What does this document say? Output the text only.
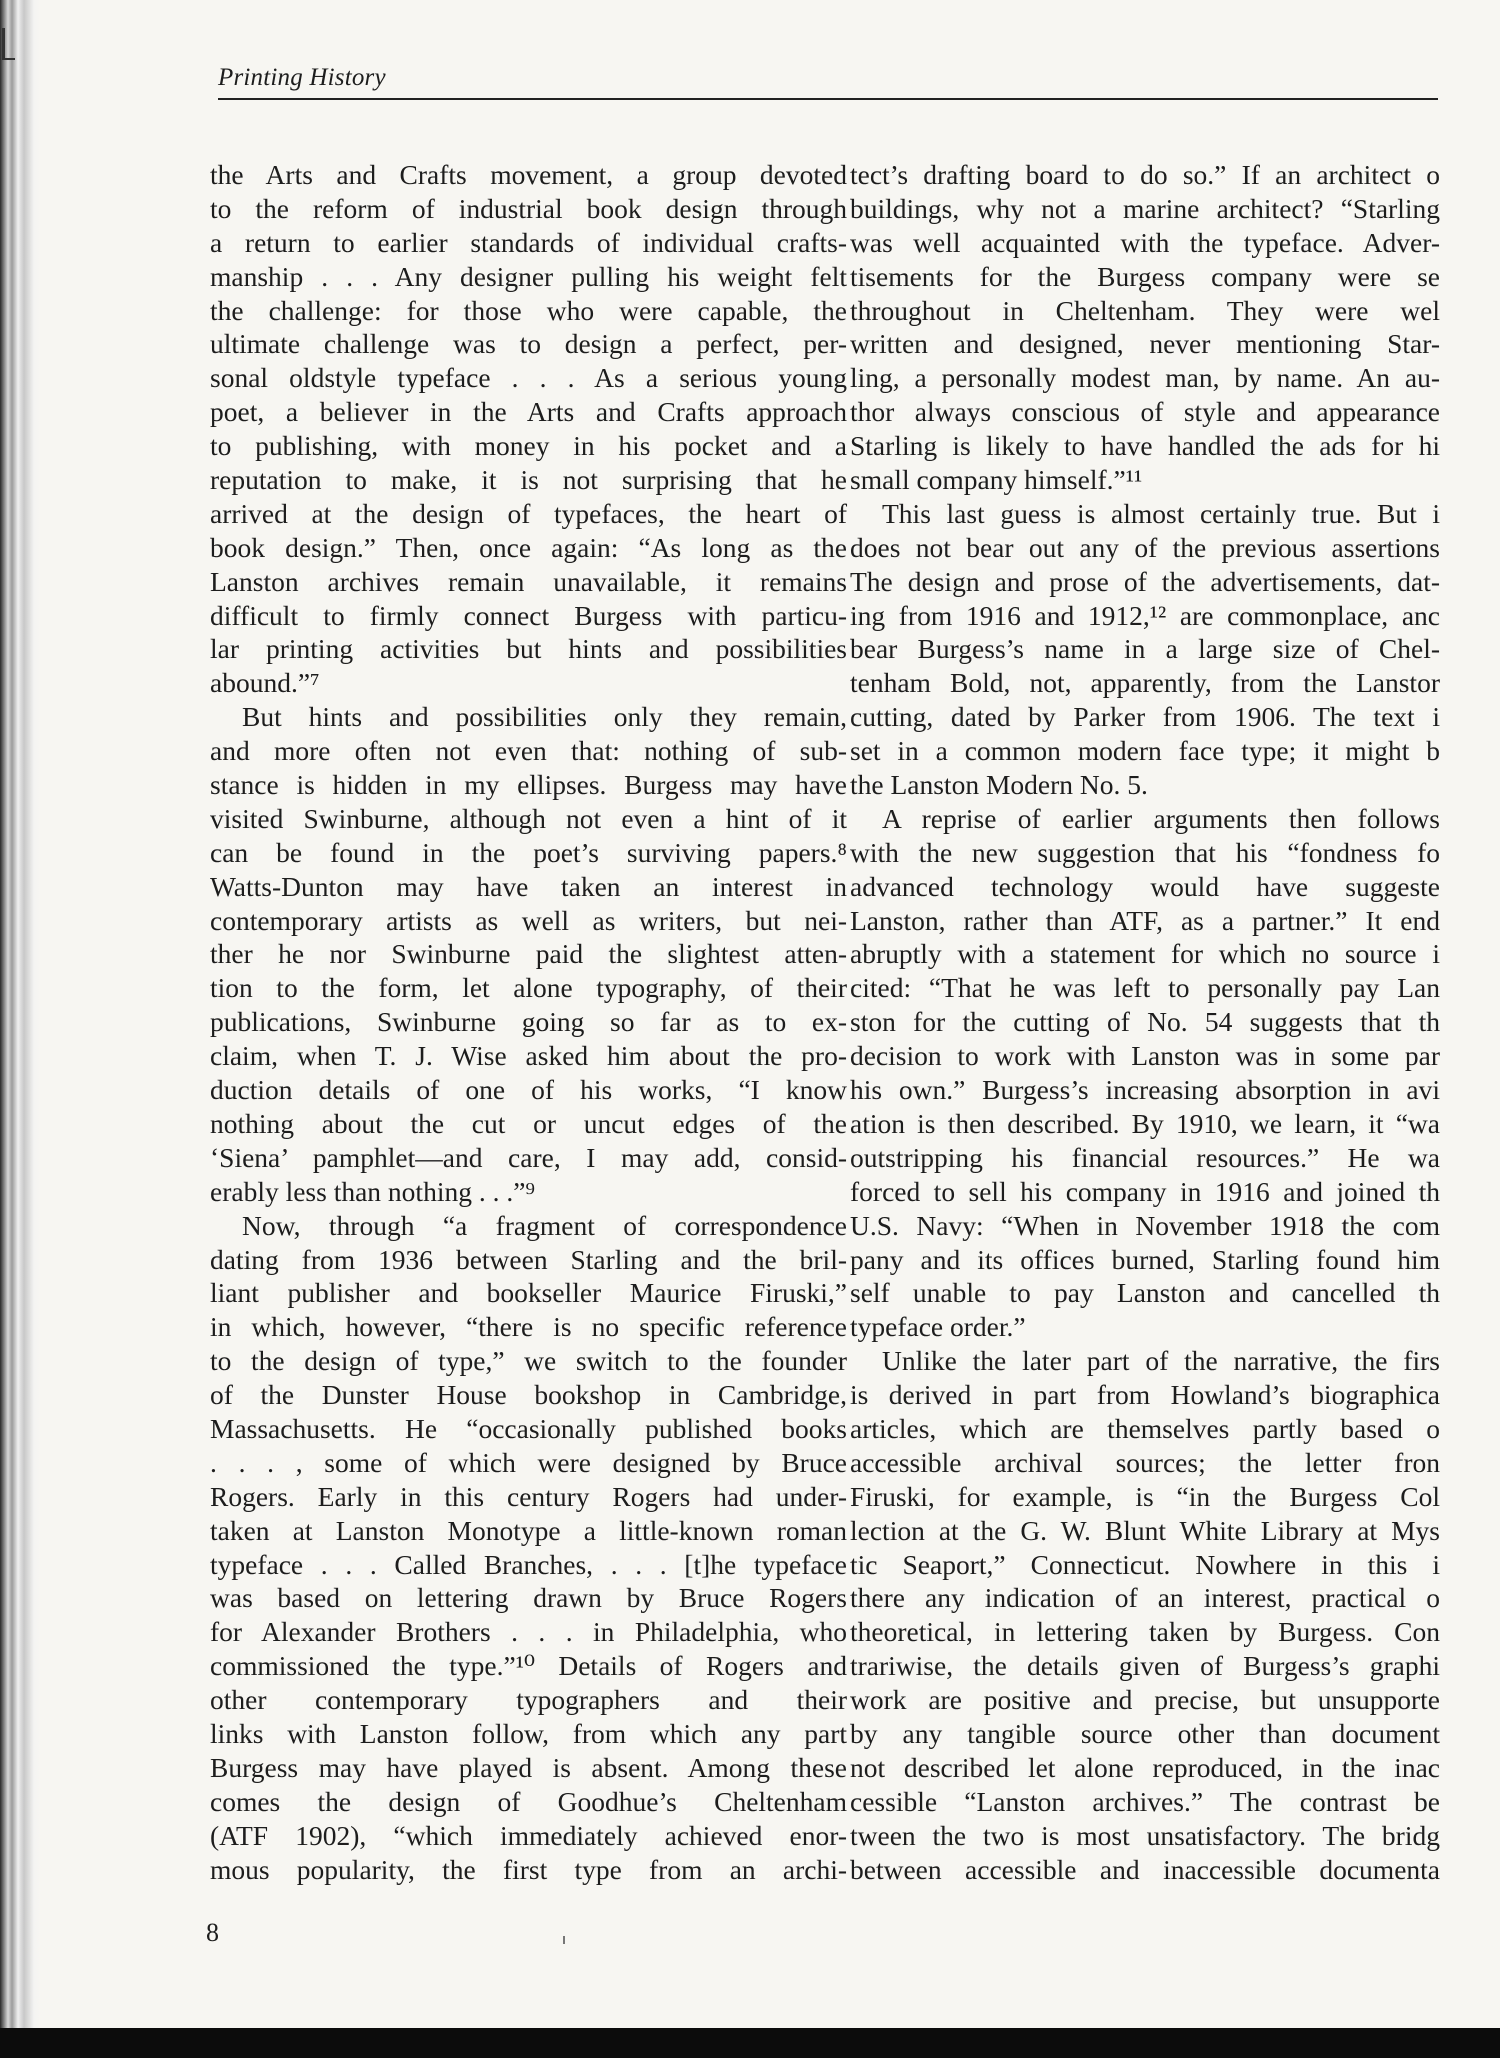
Printing History
the Arts and Crafts movement, a group devoted
to the reform of industrial book design through
a return to earlier standards of individual crafts-
manship . . . Any designer pulling his weight felt
the challenge: for those who were capable, the
ultimate challenge was to design a perfect, per-
sonal oldstyle typeface . . . As a serious young
poet, a believer in the Arts and Crafts approach
to publishing, with money in his pocket and a
reputation to make, it is not surprising that he
arrived at the design of typefaces, the heart of
book design.” Then, once again: “As long as the
Lanston archives remain unavailable, it remains
difficult to firmly connect Burgess with particu-
lar printing activities but hints and possibilities
abound.”⁷
But hints and possibilities only they remain,
and more often not even that: nothing of sub-
stance is hidden in my ellipses. Burgess may have
visited Swinburne, although not even a hint of it
can be found in the poet’s surviving papers.⁸
Watts-Dunton may have taken an interest in
contemporary artists as well as writers, but nei-
ther he nor Swinburne paid the slightest atten-
tion to the form, let alone typography, of their
publications, Swinburne going so far as to ex-
claim, when T. J. Wise asked him about the pro-
duction details of one of his works, “I know
nothing about the cut or uncut edges of the
‘Siena’ pamphlet—and care, I may add, consid-
erably less than nothing . . .”⁹
Now, through “a fragment of correspondence
dating from 1936 between Starling and the bril-
liant publisher and bookseller Maurice Firuski,”
in which, however, “there is no specific reference
to the design of type,” we switch to the founder
of the Dunster House bookshop in Cambridge,
Massachusetts. He “occasionally published books
. . . , some of which were designed by Bruce
Rogers. Early in this century Rogers had under-
taken at Lanston Monotype a little-known roman
typeface . . . Called Branches, . . . [t]he typeface
was based on lettering drawn by Bruce Rogers
for Alexander Brothers . . . in Philadelphia, who
commissioned the type.”¹⁰ Details of Rogers and
other contemporary typographers and their
links with Lanston follow, from which any part
Burgess may have played is absent. Among these
comes the design of Goodhue’s Cheltenham
(ATF 1902), “which immediately achieved enor-
mous popularity, the first type from an archi-
tect’s drafting board to do so.” If an architect o
buildings, why not a marine architect? “Starling
was well acquainted with the typeface. Adver-
tisements for the Burgess company were se
throughout in Cheltenham. They were wel
written and designed, never mentioning Star-
ling, a personally modest man, by name. An au-
thor always conscious of style and appearance
Starling is likely to have handled the ads for hi
small company himself.”¹¹
This last guess is almost certainly true. But i
does not bear out any of the previous assertions
The design and prose of the advertisements, dat-
ing from 1916 and 1912,¹² are commonplace, anc
bear Burgess’s name in a large size of Chel-
tenham Bold, not, apparently, from the Lanstor
cutting, dated by Parker from 1906. The text i
set in a common modern face type; it might b
the Lanston Modern No. 5.
A reprise of earlier arguments then follows
with the new suggestion that his “fondness fo
advanced technology would have suggeste
Lanston, rather than ATF, as a partner.” It end
abruptly with a statement for which no source i
cited: “That he was left to personally pay Lan
ston for the cutting of No. 54 suggests that th
decision to work with Lanston was in some par
his own.” Burgess’s increasing absorption in avi
ation is then described. By 1910, we learn, it “wa
outstripping his financial resources.” He wa
forced to sell his company in 1916 and joined th
U.S. Navy: “When in November 1918 the com
pany and its offices burned, Starling found him
self unable to pay Lanston and cancelled th
typeface order.”
Unlike the later part of the narrative, the firs
is derived in part from Howland’s biographica
articles, which are themselves partly based o
accessible archival sources; the letter fron
Firuski, for example, is “in the Burgess Col
lection at the G. W. Blunt White Library at Mys
tic Seaport,” Connecticut. Nowhere in this i
there any indication of an interest, practical o
theoretical, in lettering taken by Burgess. Con
trariwise, the details given of Burgess’s graphi
work are positive and precise, but unsupporte
by any tangible source other than document
not described let alone reproduced, in the inac
cessible “Lanston archives.” The contrast be
tween the two is most unsatisfactory. The bridg
between accessible and inaccessible documenta
8
